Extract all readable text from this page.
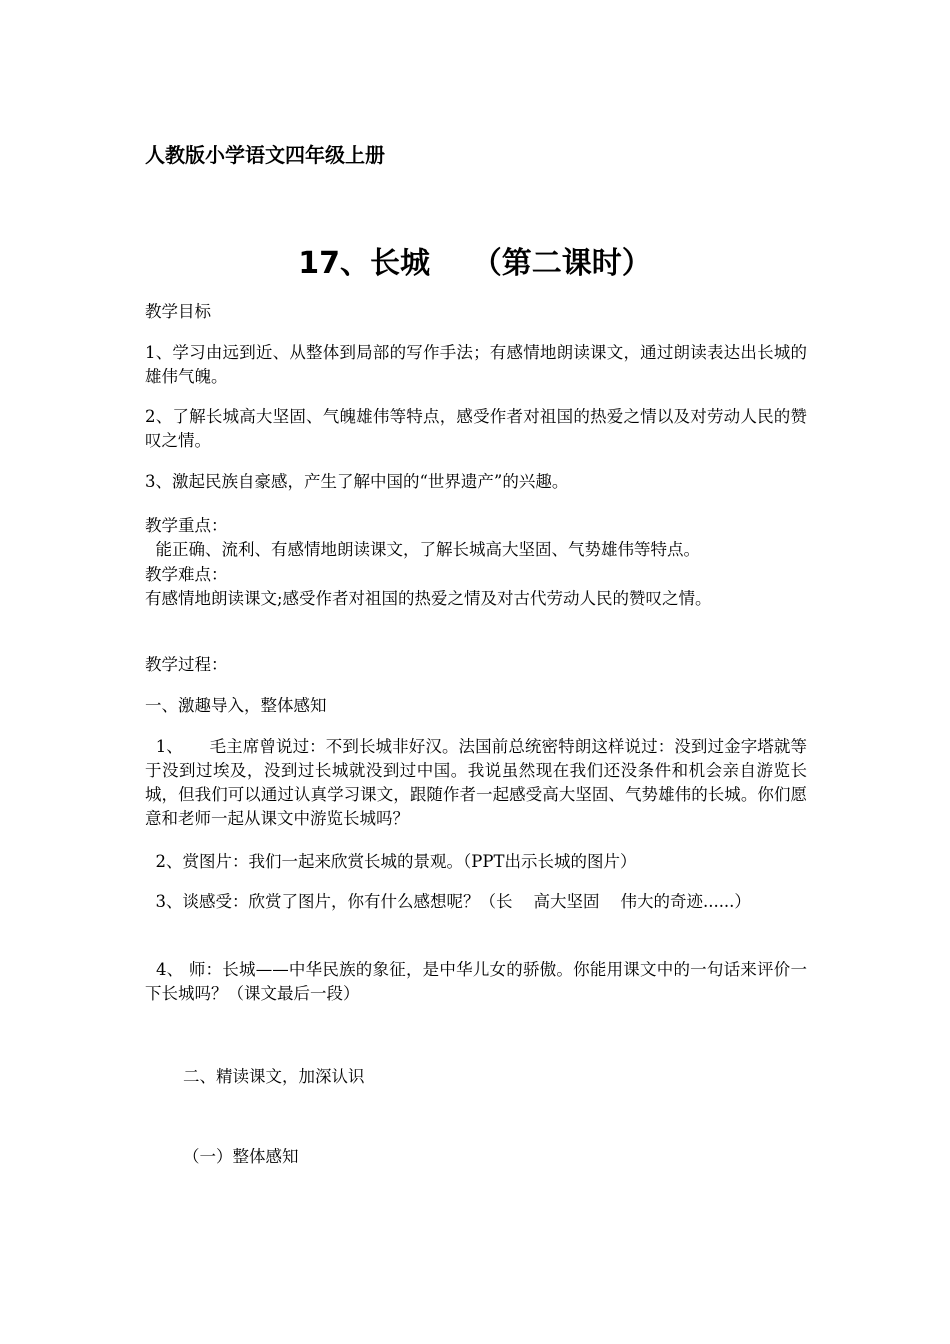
人教版小学语文四年级上册
17、长城    （第二课时）
教学目标
1、学习由远到近、从整体到局部的写作手法；有感情地朗读课文，通过朗读表达出长城的雄伟气魄。
2、了解长城高大坚固、气魄雄伟等特点，感受作者对祖国的热爱之情以及对劳动人民的赞叹之情。
3、激起民族自豪感，产生了解中国的“世界遗产”的兴趣。
教学重点：
能正确、流利、有感情地朗读课文，了解长城高大坚固、气势雄伟等特点。
教学难点：
有感情地朗读课文;感受作者对祖国的热爱之情及对古代劳动人民的赞叹之情。
教学过程：
一、激趣导入，整体感知
1、     毛主席曾说过：不到长城非好汉。法国前总统密特朗这样说过：没到过金字塔就等于没到过埃及，没到过长城就没到过中国。我说虽然现在我们还没条件和机会亲自游览长城，但我们可以通过认真学习课文，跟随作者一起感受高大坚固、气势雄伟的长城。你们愿意和老师一起从课文中游览长城吗？
2、赏图片：我们一起来欣赏长城的景观。（PPT出示长城的图片）
3、谈感受：欣赏了图片，你有什么感想呢？（长    高大坚固    伟大的奇迹......）
4、 师：长城——中华民族的象征，是中华儿女的骄傲。你能用课文中的一句话来评价一下长城吗？（课文最后一段）
二、精读课文，加深认识
（一）整体感知
